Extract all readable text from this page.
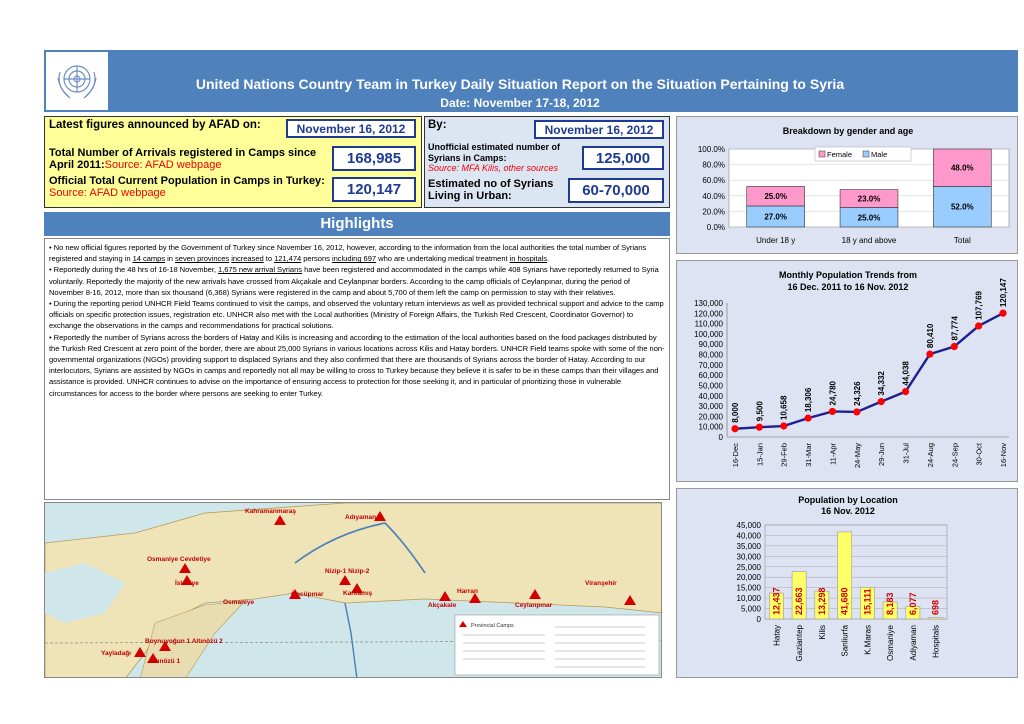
United Nations Country Team in Turkey Daily Situation Report on the Situation Pertaining to Syria
Date: November 17-18, 2012
Latest figures announced by AFAD on:	November 16, 2012
Total Number of Arrivals registered in Camps since April 2011:Source: AFAD webpage	168,985
Official Total Current Population in Camps in Turkey: Source: AFAD webpage	120,147
By:	November 16, 2012
Unofficial estimated number of Syrians in Camps:
Source: MFA Kilis, other sources
125,000
Estimated no of Syrians Living in Urban:	60-70,000
Highlights

• No new official figures reported by the Government of Turkey since November 16, 2012, however, according to the information from the local authorities the total number of Syrians registered and staying in 14 camps in seven provinces increased to 121,474 persons including 697 who are undertaking medical treatment in hospitals.

• Reportedly during the 48 hrs of 16-18 November, 1,675 new arrival Syrians have been registered and accommodated in the camps while 408 Syrians have reportedly returned to Syria voluntarily. Reportedly the majority of the new arrivals have crossed from Akçakale and Ceylanpınar borders. According to the camp officials of Ceylanpınar, during the period of November 8-16, 2012, more than six thousand (6,368) Syrians were registered in the camp and about 5,700 of them left the camp on permission to stay with their relatives.

• During the reporting period UNHCR Field Teams continued to visit the camps, and observed the voluntary return interviews as well as provided technical support and advice to the camp officials on specific protection issues, registration etc. UNHCR also met with the Local authorities (Ministry of Foreign Affairs, the Turkish Red Crescent, Coordinator Governor) to exchange the observations in the camps and recommendations for practical solutions.

• Reportedly the number of Syrians across the borders of Hatay and Kilis is increasing and according to the estimation of the local authorities based on the food packages distributed by the Turkish Red Crescent at zero point of the border, there are about 25,000 Syrians in various locations across Kilis and Hatay borders. UNHCR Field teams spoke with some of the non-governmental organizations (NGOs) providing support to displaced Syrians and they also confirmed that there are thousands of Syrians across the border of Hatay. According to our interlocutors, Syrians are assisted by NGOs in camps and reportedly not all may be willing to cross to Turkey because they believe it is safer to be in these camps than their villages and assistance is provided. UNHCR continues to advise on the importance of ensuring access to protection for those seeking it, and in particular of prioritizing those in vulnerable circumstances for access to the border where persons are seeking to enter Turkey.

Kahramanmaraş
Adıyaman
Osmaniye Cevdetiye
İslahiye
Nizip-1 Nizip-2
Osmaniye
Öncüpınar	Karkamış
Akçakale
Harran
Ceylanpınar
Yayladağı
Boynuyoğun 1 Altınözü 2
Altınözü 1
Viranşehir
Provincial Camps
Breakdown by gender and age
0.0%
20.0%
40.0%
60.0%
80.0%
100.0%
27.0%
25.0%
Under 18 y
25.0%
23.0%
18 y and above
52.0%
48.0%
Total
Female	Male
Monthly Population Trends from
16 Dec. 2011 to 16 Nov. 2012
0
10,000
20,000
30,000
40,000
50,000
60,000
70,000
80,000
90,000
100,000
110,000
120,000
130,000
8,000
16-Dec
9,500
15-Jan
10,658
29-Feb
18,306
31-Mar
24,780
11-Apr
24,326
24-May
34,332
29-Jun
44,038
31-Jul
80,410
24-Aug
87,774
24-Sep
107,769
30-Oct
120,147
16-Nov
Population by Location
16 Nov. 2012
0
5,000
10,000
15,000
20,000
25,000
30,000
35,000
40,000
45,000
12,437
Hatay
22,663
Gaziantep
13,298
Kilis
41,680
Sanliurfa
15,111
K.Maras
8,183
Osmaniye
6,077
Adiyaman
698
Hospitals
